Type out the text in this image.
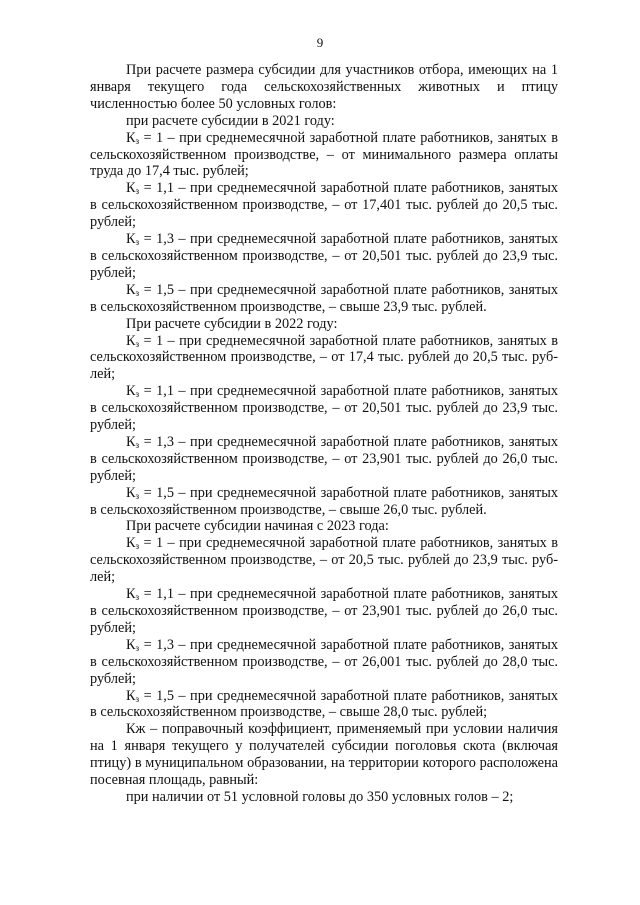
9

При расчете размера субсидии для участников отбора, имеющих на 1 января текущего года сельскохозяйственных животных и птицу численностью более 50 условных голов:

при расчете субсидии в 2021 году:

$К_з = 1$ – при среднемесячной заработной плате работников, занятых в сельскохозяйственном производстве, – от минимального размера оплаты труда до 17,4 тыс. рублей;

$К_з = 1,1$ – при среднемесячной заработной плате работников, занятых в сельскохозяйственном производстве, – от 17,401 тыс. рублей до 20,5 тыс. рублей;

$К_з = 1,3$ – при среднемесячной заработной плате работников, занятых в сельскохозяйственном производстве, – от 20,501 тыс. рублей до 23,9 тыс. рублей;

$К_з = 1,5$ – при среднемесячной заработной плате работников, занятых в сельскохозяйственном производстве, – свыше 23,9 тыс. рублей.

При расчете субсидии в 2022 году:

$К_з = 1$ – при среднемесячной заработной плате работников, занятых в сельскохозяйственном производстве, – от 17,4 тыс. рублей до 20,5 тыс. рублей;

$К_з = 1,1$ – при среднемесячной заработной плате работников, занятых в сельскохозяйственном производстве, – от 20,501 тыс. рублей до 23,9 тыс. рублей;

$К_з = 1,3$ – при среднемесячной заработной плате работников, занятых в сельскохозяйственном производстве, – от 23,901 тыс. рублей до 26,0 тыс. рублей;

$К_з = 1,5$ – при среднемесячной заработной плате работников, занятых в сельскохозяйственном производстве, – свыше 26,0 тыс. рублей.

При расчете субсидии начиная с 2023 года:

$К_з = 1$ – при среднемесячной заработной плате работников, занятых в сельскохозяйственном производстве, – от 20,5 тыс. рублей до 23,9 тыс. рублей;

$К_з = 1,1$ – при среднемесячной заработной плате работников, занятых в сельскохозяйственном производстве, – от 23,901 тыс. рублей до 26,0 тыс. рублей;

$К_з = 1,3$ – при среднемесячной заработной плате работников, занятых в сельскохозяйственном производстве, – от 26,001 тыс. рублей до 28,0 тыс. рублей;

$К_з = 1,5$ – при среднемесячной заработной плате работников, занятых в сельскохозяйственном производстве, – свыше 28,0 тыс. рублей;

Кж – поправочный коэффициент, применяемый при условии наличия на 1 января текущего у получателей субсидии поголовья скота (включая птицу) в муниципальном образовании, на территории которого расположена посевная площадь, равный:

при наличии от 51 условной головы до 350 условных голов – 2;
